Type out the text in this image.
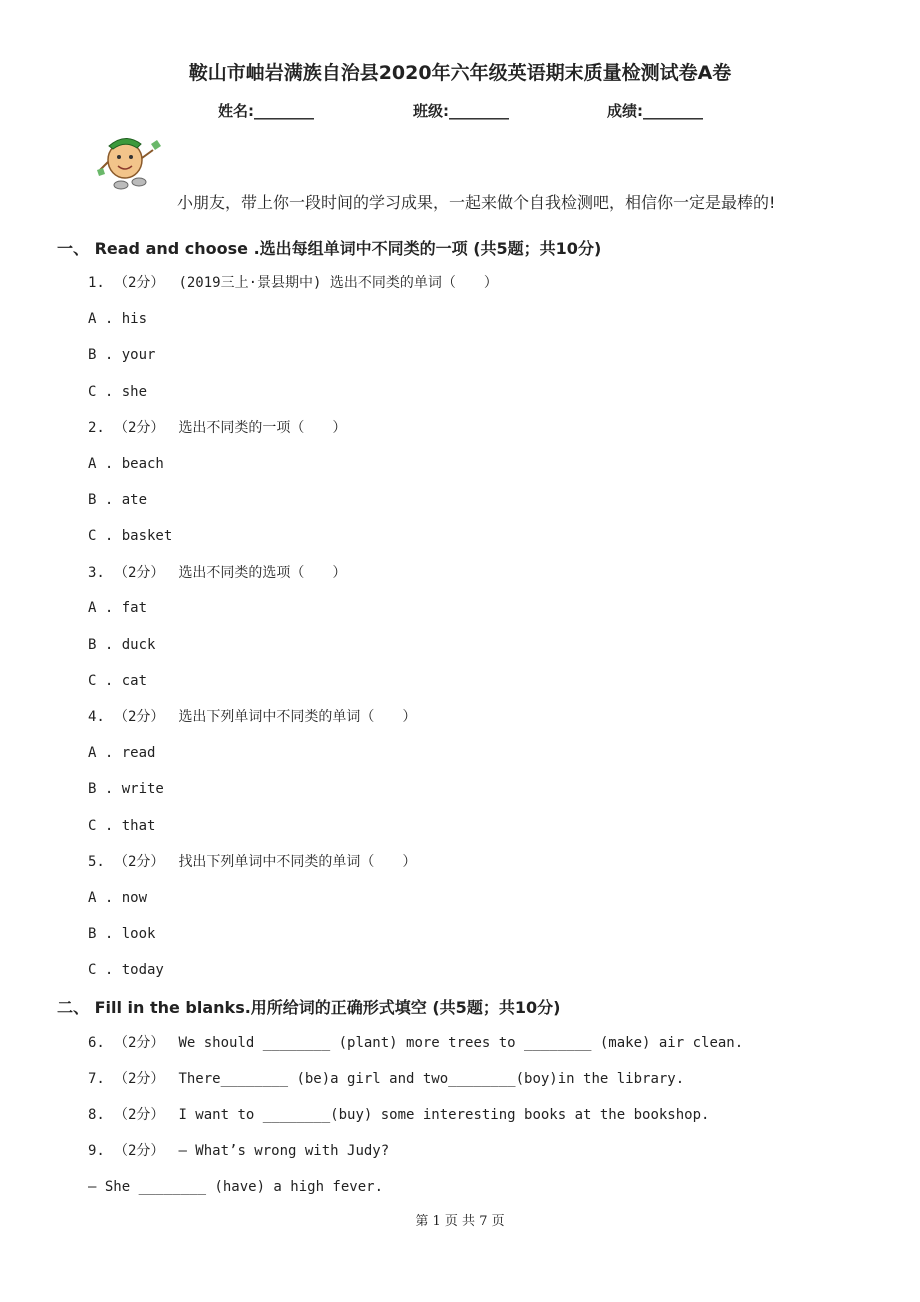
鞍山市岫岩满族自治县2020年六年级英语期末质量检测试卷A卷
姓名:________	班级:________	成绩:________
小朋友，带上你一段时间的学习成果，一起来做个自我检测吧，相信你一定是最棒的!
一、 Read and choose .选出每组单词中不同类的一项 (共5题；共10分)
1. （2分） (2019三上·景县期中) 选出不同类的单词（　　）
A . his
B . your
C . she
2. （2分） 选出不同类的一项（　　）
A . beach
B . ate
C . basket
3. （2分） 选出不同类的选项（　　）
A . fat
B . duck
C . cat
4. （2分） 选出下列单词中不同类的单词（　　）
A . read
B . write
C . that
5. （2分） 找出下列单词中不同类的单词（　　）
A . now
B . look
C . today
二、 Fill in the blanks.用所给词的正确形式填空 (共5题；共10分)
6. （2分） We should ________ (plant) more trees to ________ (make) air clean.
7. （2分） There________ (be)a girl and two________(boy)in the library.
8. （2分） I want to ________(buy) some interesting books at the bookshop.
9. （2分） — What’s wrong with Judy?
— She ________ (have) a high fever.
第 1 页 共 7 页
